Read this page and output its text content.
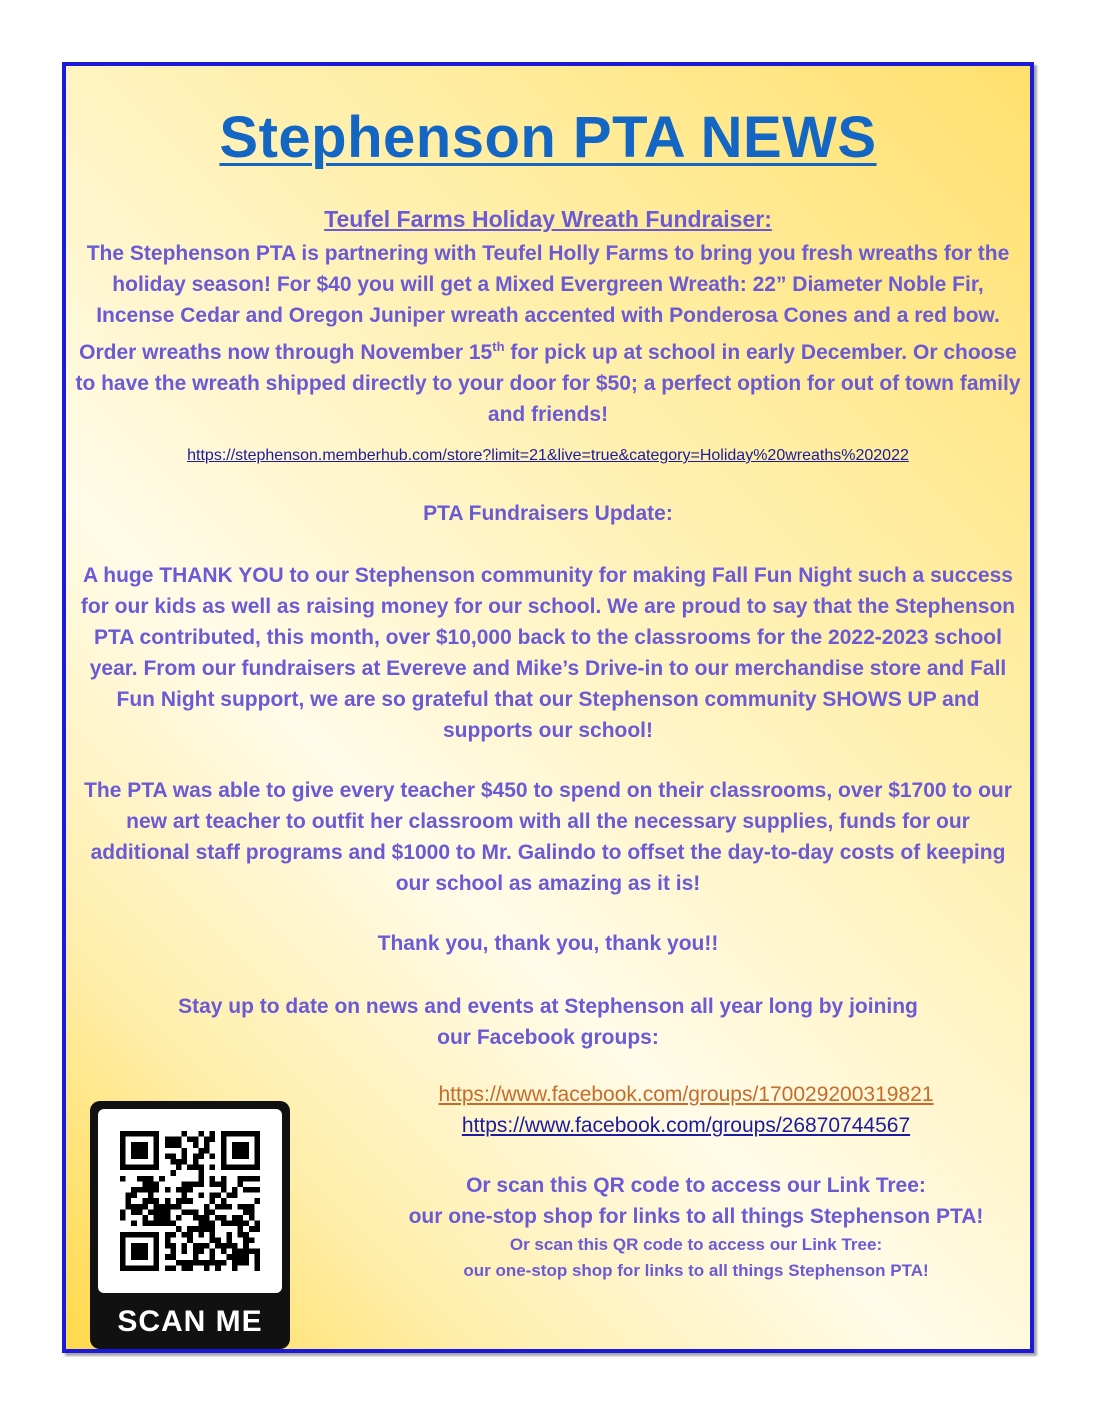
Stephenson PTA NEWS
Teufel Farms Holiday Wreath Fundraiser:
The Stephenson PTA is partnering with Teufel Holly Farms to bring you fresh wreaths for the holiday season! For $40 you will get a Mixed Evergreen Wreath: 22” Diameter Noble Fir, Incense Cedar and Oregon Juniper wreath accented with Ponderosa Cones and a red bow. Order wreaths now through November 15th for pick up at school in early December. Or choose to have the wreath shipped directly to your door for $50; a perfect option for out of town family and friends!
https://stephenson.memberhub.com/store?limit=21&live=true&category=Holiday%20wreaths%202022
PTA Fundraisers Update:
A huge THANK YOU to our Stephenson community for making Fall Fun Night such a success for our kids as well as raising money for our school. We are proud to say that the Stephenson PTA contributed, this month, over $10,000 back to the classrooms for the 2022-2023 school year. From our fundraisers at Evereve and Mike’s Drive-in to our merchandise store and Fall Fun Night support, we are so grateful that our Stephenson community SHOWS UP and supports our school!
The PTA was able to give every teacher $450 to spend on their classrooms, over $1700 to our new art teacher to outfit her classroom with all the necessary supplies, funds for our additional staff programs and $1000 to Mr. Galindo to offset the day-to-day costs of keeping our school as amazing as it is!
Thank you, thank you, thank you!!
Stay up to date on news and events at Stephenson all year long by joining
our Facebook groups:
https://www.facebook.com/groups/170029200319821
https://www.facebook.com/groups/26870744567
Or scan this QR code to access our Link Tree:
our one-stop shop for links to all things Stephenson PTA!
Or scan this QR code to access our Link Tree:
our one-stop shop for links to all things Stephenson PTA!
SCAN ME
